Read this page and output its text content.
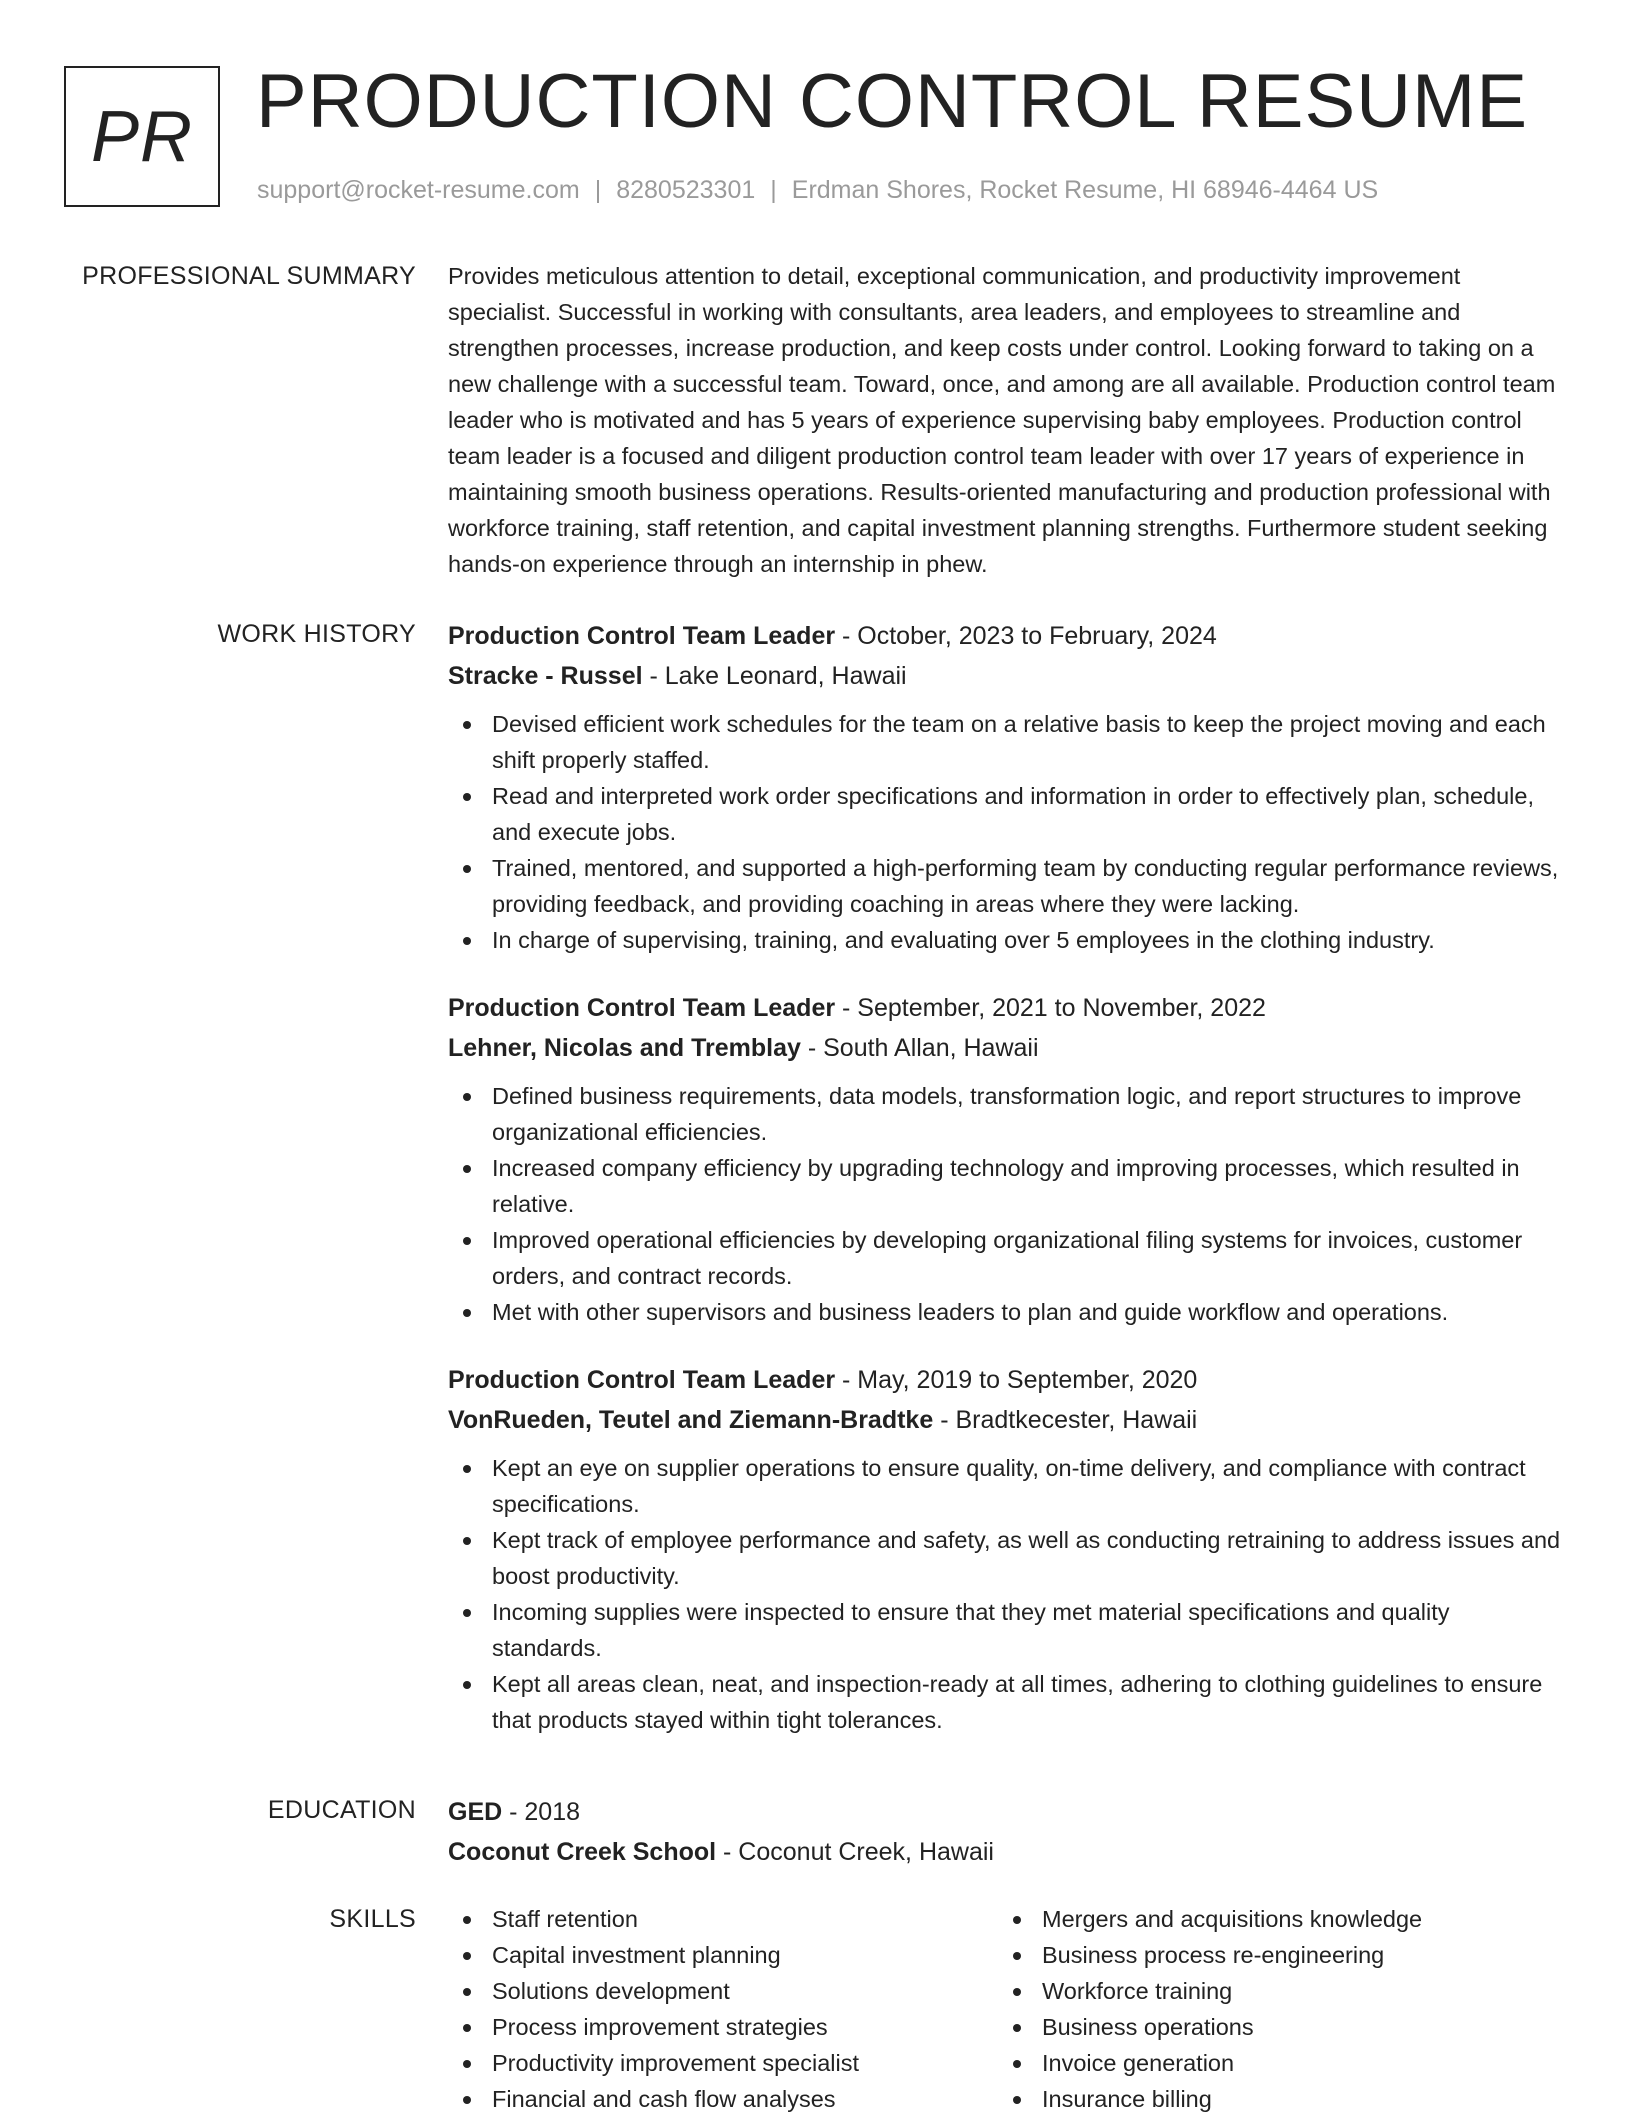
PR PRODUCTION CONTROL RESUME
support@rocket-resume.com | 8280523301 | Erdman Shores, Rocket Resume, HI 68946-4464 US
PROFESSIONAL SUMMARY Provides meticulous attention to detail, exceptional communication, and productivity improvement specialist. Successful in working with consultants, area leaders, and employees to streamline and strengthen processes, increase production, and keep costs under control. Looking forward to taking on a new challenge with a successful team. Toward, once, and among are all available. Production control team leader who is motivated and has 5 years of experience supervising baby employees. Production control team leader is a focused and diligent production control team leader with over 17 years of experience in maintaining smooth business operations. Results-oriented manufacturing and production professional with workforce training, staff retention, and capital investment planning strengths. Furthermore student seeking hands-on experience through an internship in phew.

WORK HISTORY Production Control Team Leader - October, 2023 to February, 2024
Stracke - Russel - Lake Leonard, Hawaii
Devised efficient work schedules for the team on a relative basis to keep the project moving and each shift properly staffed.
Read and interpreted work order specifications and information in order to effectively plan, schedule, and execute jobs.
Trained, mentored, and supported a high-performing team by conducting regular performance reviews, providing feedback, and providing coaching in areas where they were lacking.
In charge of supervising, training, and evaluating over 5 employees in the clothing industry.
Production Control Team Leader - September, 2021 to November, 2022
Lehner, Nicolas and Tremblay - South Allan, Hawaii
Defined business requirements, data models, transformation logic, and report structures to improve organizational efficiencies.
Increased company efficiency by upgrading technology and improving processes, which resulted in relative.
Improved operational efficiencies by developing organizational filing systems for invoices, customer orders, and contract records.
Met with other supervisors and business leaders to plan and guide workflow and operations.
Production Control Team Leader - May, 2019 to September, 2020
VonRueden, Teutel and Ziemann-Bradtke - Bradtkecester, Hawaii
Kept an eye on supplier operations to ensure quality, on-time delivery, and compliance with contract specifications.
Kept track of employee performance and safety, as well as conducting retraining to address issues and boost productivity.
Incoming supplies were inspected to ensure that they met material specifications and quality standards.
Kept all areas clean, neat, and inspection-ready at all times, adhering to clothing guidelines to ensure that products stayed within tight tolerances.
EDUCATION GED - 2018
Coconut Creek School - Coconut Creek, Hawaii
SKILLS	Staff retention
Capital investment planning
Solutions development
Process improvement strategies
Productivity improvement specialist
Financial and cash flow analyses
Mergers and acquisitions knowledge
Business process re-engineering
Workforce training
Business operations
Invoice generation
Insurance billing
